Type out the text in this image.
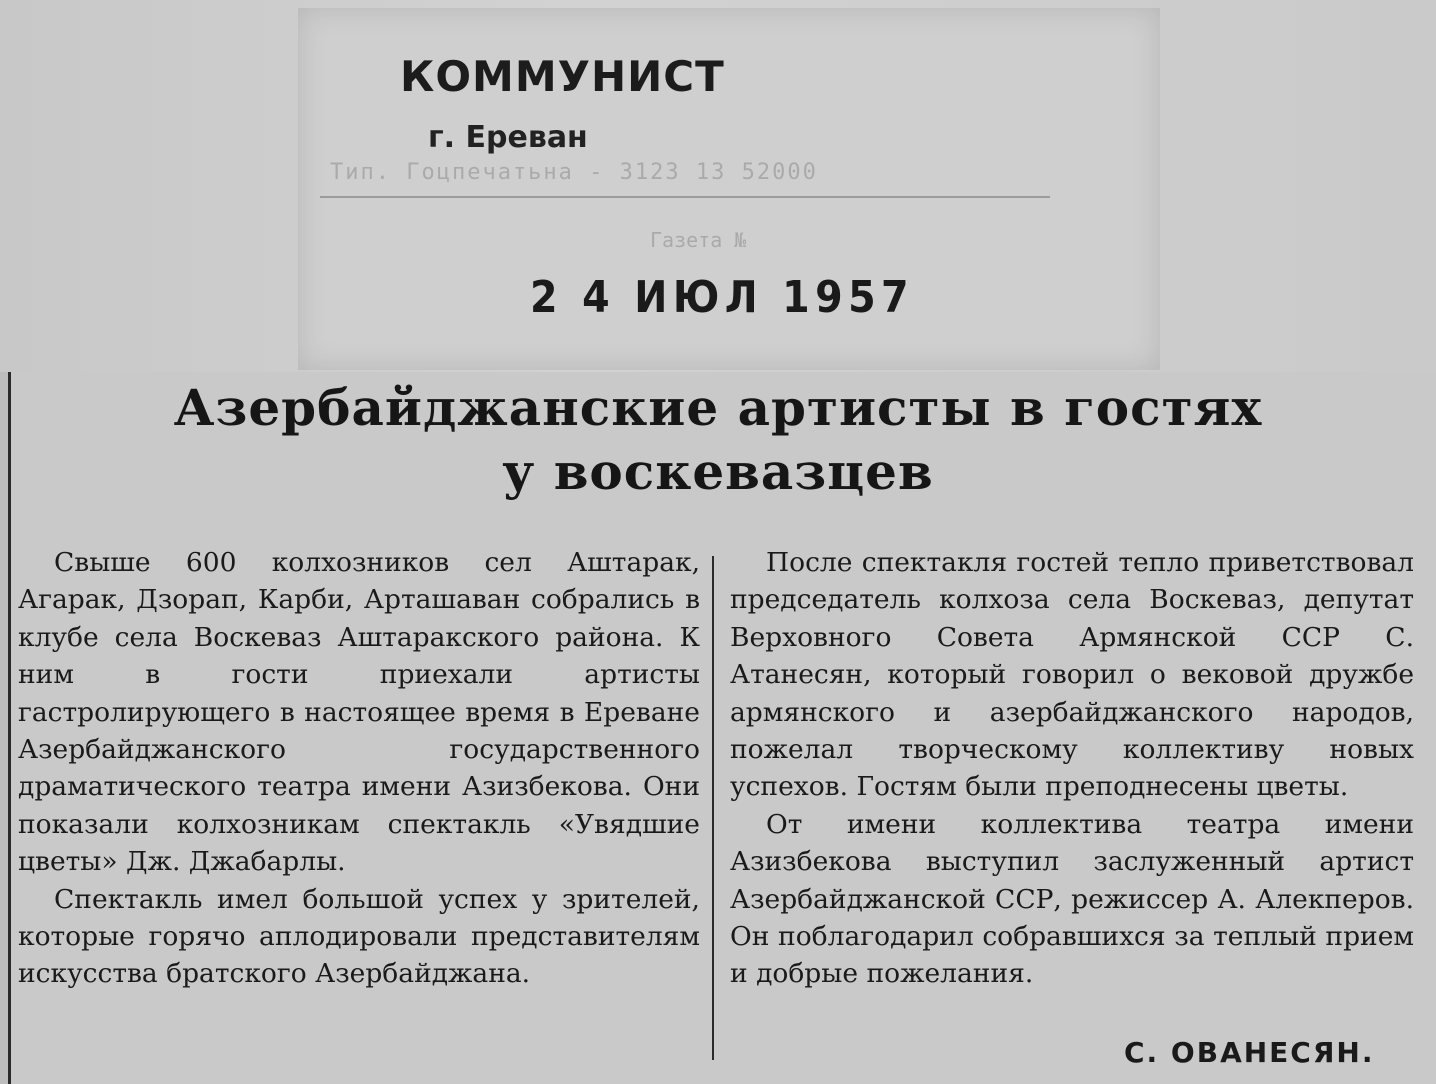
КОММУНИСТ
г. Ереван
Тип. Гоцпечатьна - 3123 13 52000
Газета №
2 4 ИЮЛ 1957
Азербайджанские артисты в гостях
у воскевазцев

Свыше 600 колхозников сел Аштарак, Агарак, Дзорап, Карби, Арташаван собрались в клубе села Воскеваз Аштаракского района. К ним в гости приехали артисты гастролирующего в настоящее время в Ереване Азербайджанского государственного драматического театра имени Азизбекова. Они показали колхозникам спектакль «Увядшие цветы» Дж. Джабарлы.

Спектакль имел большой успех у зрителей, которые горячо аплодировали представителям искусства братского Азербайджана.

После спектакля гостей тепло приветствовал председатель колхоза села Воскеваз, депутат Верховного Совета Армянской ССР С. Атанесян, который говорил о вековой дружбе армянского и азербайджанского народов, пожелал творческому коллективу новых успехов. Гостям были преподнесены цветы.

От имени коллектива театра имени Азизбекова выступил заслуженный артист Азербайджанской ССР, режиссер А. Алекперов. Он поблагодарил собравшихся за теплый прием и добрые пожелания.

С. ОВАНЕСЯН.
